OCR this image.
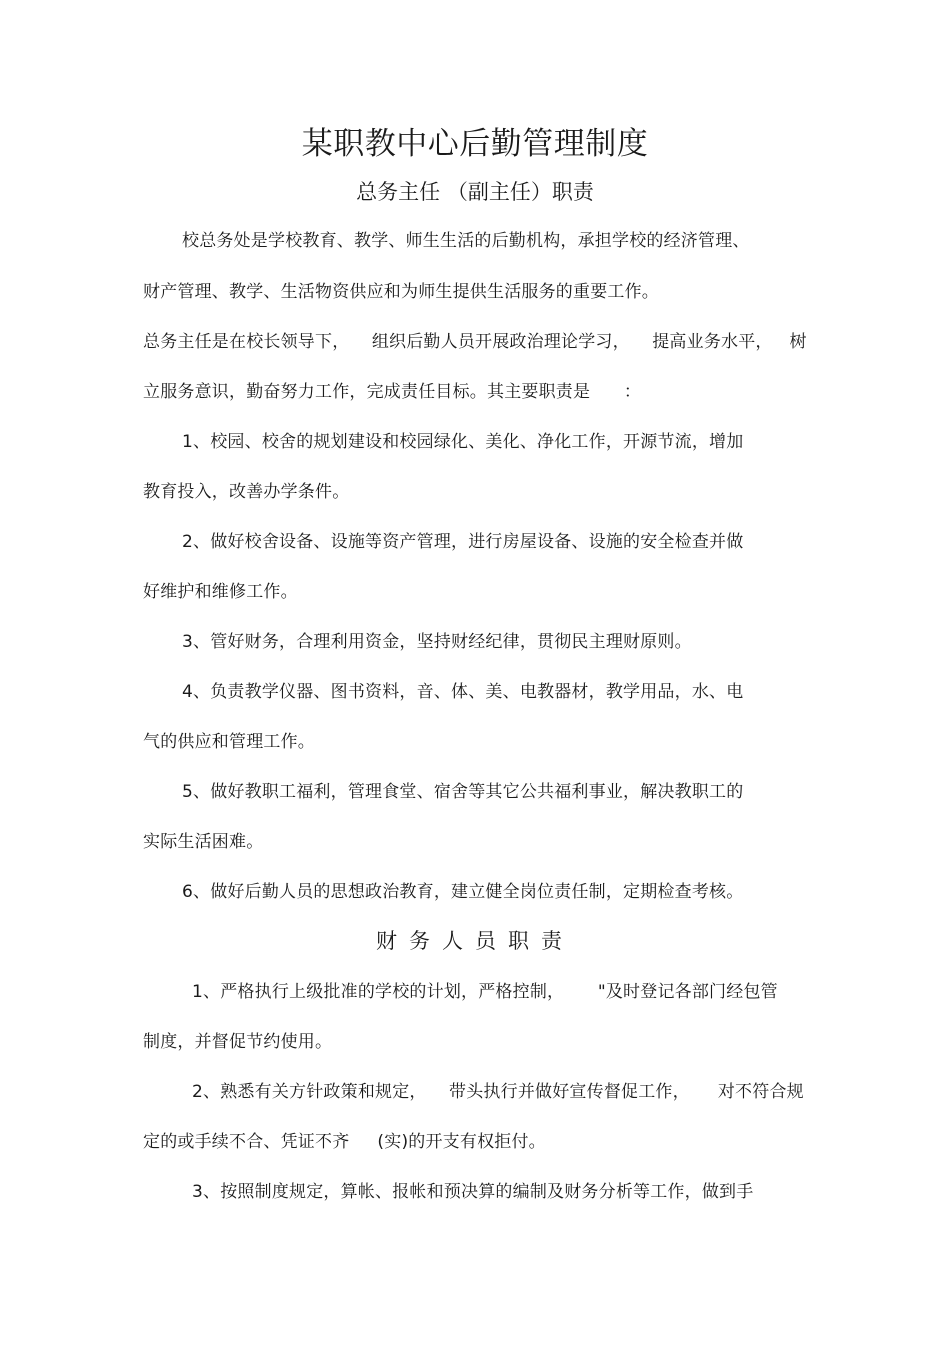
某职教中心后勤管理制度
总务主任 （副主任）职责
校总务处是学校教育、教学、师生生活的后勤机构，承担学校的经济管理、
财产管理、教学、生活物资供应和为师生提供生活服务的重要工作。
总务主任是在校长领导下，    组织后勤人员开展政治理论学习，    提高业务水平，   树
立服务意识，勤奋努力工作，完成责任目标。其主要职责是      ：
1、校园、校舍的规划建设和校园绿化、美化、净化工作，开源节流，增加
教育投入，改善办学条件。
2、做好校舍设备、设施等资产管理，进行房屋设备、设施的安全检查并做
好维护和维修工作。
3、管好财务，合理利用资金，坚持财经纪律，贯彻民主理财原则。
4、负责教学仪器、图书资料，音、体、美、电教器材，教学用品，水、电
气的供应和管理工作。
5、做好教职工福利，管理食堂、宿舍等其它公共福利事业，解决教职工的
实际生活困难。
6、做好后勤人员的思想政治教育，建立健全岗位责任制，定期检查考核。
财务人员职责
1、严格执行上级批准的学校的计划，严格控制，      "及时登记各部门经包管
制度，并督促节约使用。
2、熟悉有关方针政策和规定，    带头执行并做好宣传督促工作，     对不符合规
定的或手续不合、凭证不齐     (实)的开支有权拒付。
3、按照制度规定，算帐、报帐和预决算的编制及财务分析等工作，做到手
